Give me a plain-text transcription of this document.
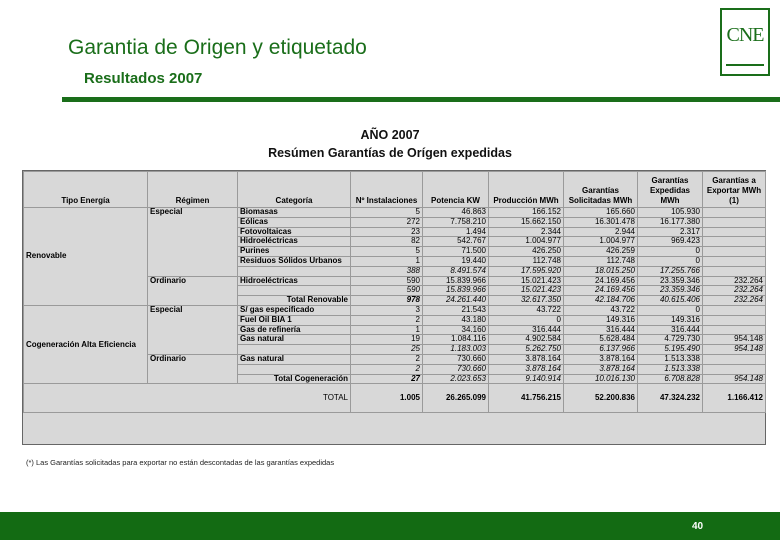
Garantia de Origen y etiquetado
Resultados 2007
CNE
AÑO 2007
Resúmen Garantías de Orígen expedidas
Tipo Energía	Régimen	Categoría	Nº Instalaciones	Potencia KW	Producción MWh	Garantías Solicitadas MWh	Garantías Expedidas MWh	Garantías a Exportar MWh (1)
Renovable	Especial	Biomasas	5	46.863	166.152	165.660	105.930	
		Eólicas	272	7.758.210	15.662.150	16.301.478	16.177.380	
		Fotovoltaicas	23	1.494	2.344	2.944	2.317	
		Hidroeléctricas	82	542.767	1.004.977	1.004.977	969.423	
		Purines	5	71.500	426.250	426.259	0	
		Residuos Sólidos Urbanos	1	19.440	112.748	112.748	0	
			388	8.491.574	17.595.920	18.015.250	17.255.766	
	Ordinario	Hidroeléctricas	590	15.839.966	15.021.423	24.169.456	23.359.346	232.264
			590	15.839.966	15.021.423	24.169.456	23.359.346	232.264
		Total Renovable	978	24.261.440	32.617.350	42.184.706	40.615.406	232.264
Cogeneración Alta Eficiencia	Especial	S/ gas especificado	3	21.543	43.722	43.722	0	
		Fuel Oil BIA 1	2	43.180	0	149.316	149.316	
		Gas de refinería	1	34.160	316.444	316.444	316.444	
		Gas natural	19	1.084.116	4.902.584	5.628.484	4.729.730	954.148
			25	1.183.003	5.262.750	6.137.966	5.195.490	954.148
	Ordinario	Gas natural	2	730.660	3.878.164	3.878.164	1.513.338	
			2	730.660	3.878.164	3.878.164	1.513.338	
		Total Cogeneración	27	2.023.653	9.140.914	10.016.130	6.708.828	954.148
TOTAL			1.005	26.265.099	41.756.215	52.200.836	47.324.232	1.166.412
(*) Las Garantías solicitadas para exportar no están descontadas de las garantías expedidas
40
